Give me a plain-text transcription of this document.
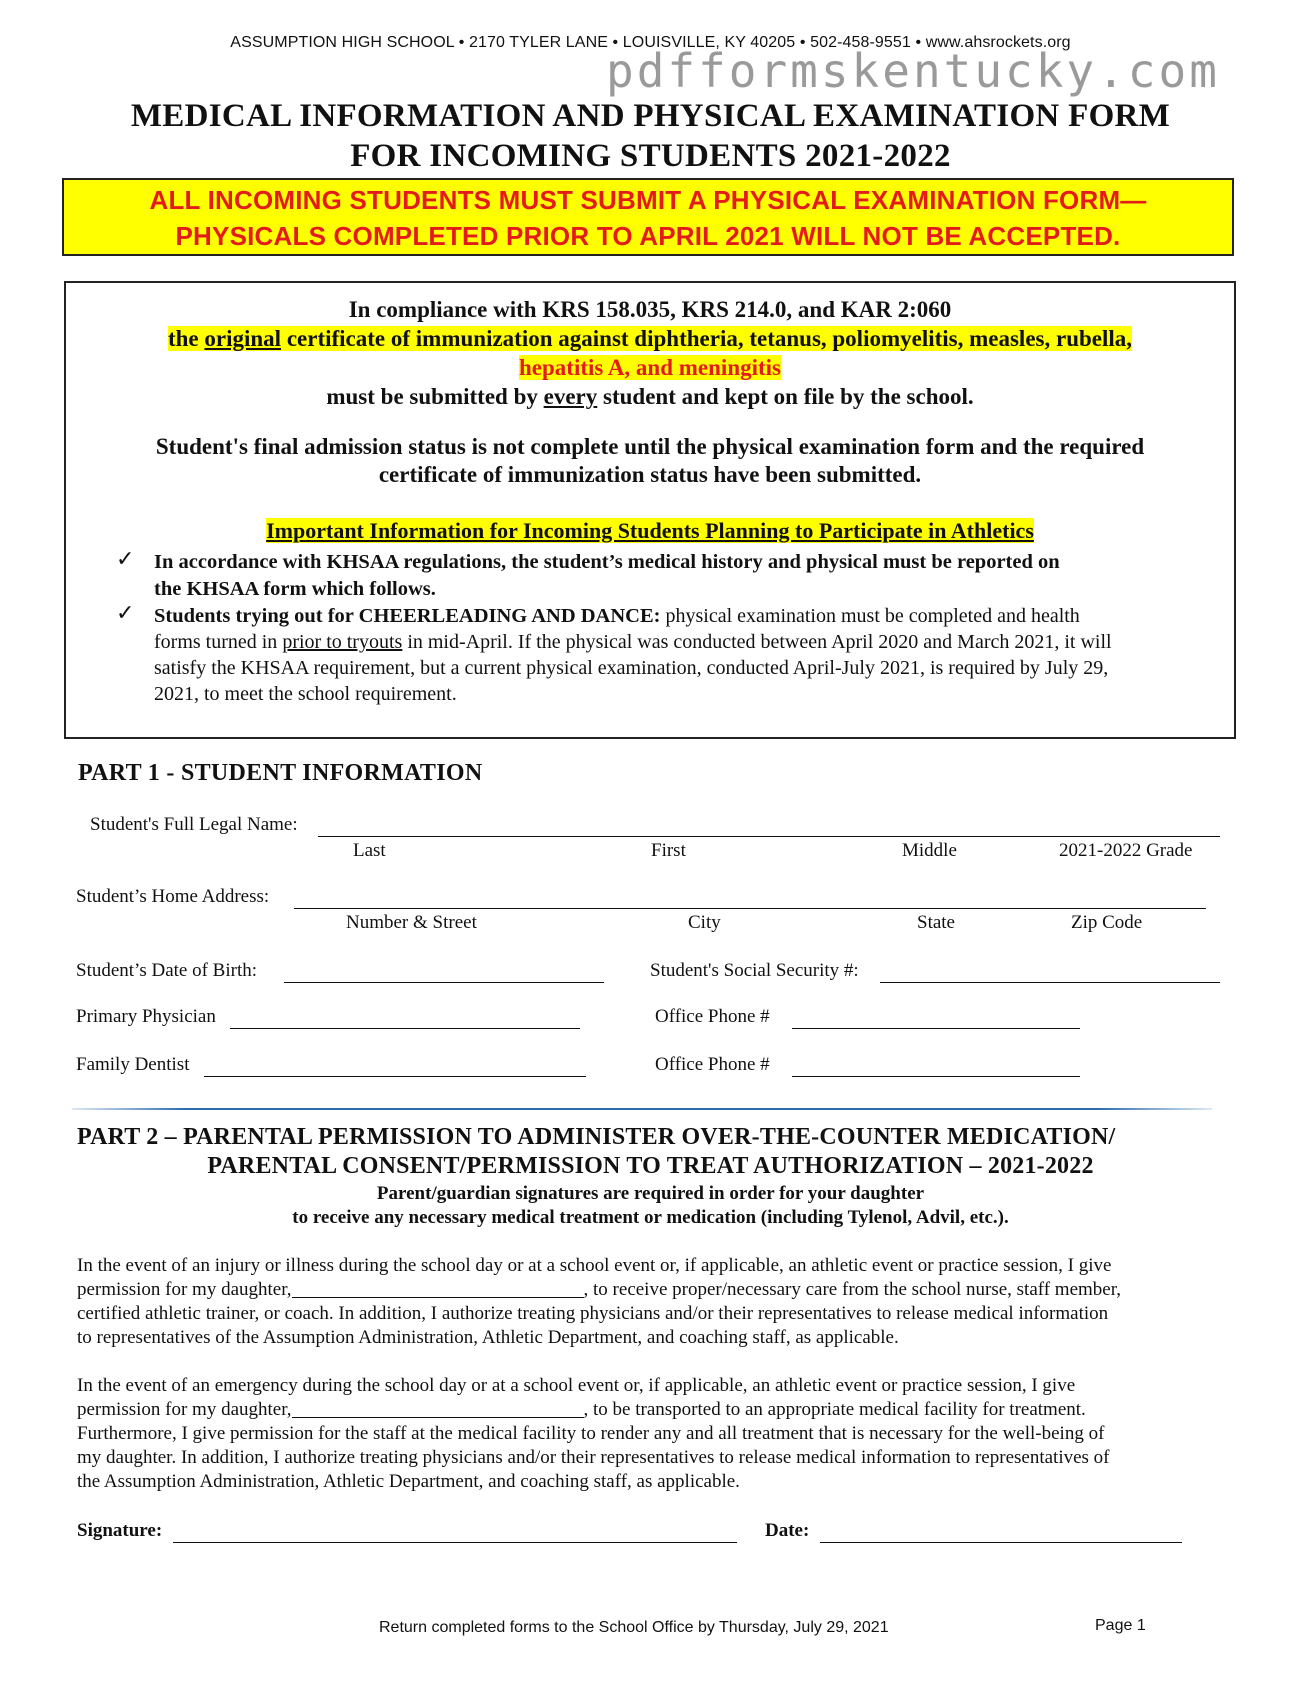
ASSUMPTION HIGH SCHOOL • 2170 TYLER LANE • LOUISVILLE, KY 40205 • 502-458-9551 • www.ahsrockets.org
pdfformskentucky.com
MEDICAL INFORMATION AND PHYSICAL EXAMINATION FORM
FOR INCOMING STUDENTS 2021-2022
ALL INCOMING STUDENTS MUST SUBMIT A PHYSICAL EXAMINATION FORM—
PHYSICALS COMPLETED PRIOR TO APRIL 2021 WILL NOT BE ACCEPTED.
In compliance with KRS 158.035, KRS 214.0, and KAR 2:060
the original certificate of immunization against diphtheria, tetanus, poliomyelitis, measles, rubella,
hepatitis A, and meningitis
must be submitted by every student and kept on file by the school.
Student's final admission status is not complete until the physical examination form and the required
certificate of immunization status have been submitted.
Important Information for Incoming Students Planning to Participate in Athletics
✓ In accordance with KHSAA regulations, the student’s medical history and physical must be reported on
the KHSAA form which follows.
✓ Students trying out for CHEERLEADING AND DANCE: physical examination must be completed and health
forms turned in prior to tryouts in mid-April. If the physical was conducted between April 2020 and March 2021, it will
satisfy the KHSAA requirement, but a current physical examination, conducted April-July 2021, is required by July 29,
2021, to meet the school requirement.
PART 1 - STUDENT INFORMATION
Student's Full Legal Name:
Last	First	Middle	2021-2022 Grade
Student’s Home Address:
Number & Street	City	State	Zip Code
Student’s Date of Birth:	Student's Social Security #:
Primary Physician	Office Phone #
Family Dentist	Office Phone #
PART 2 – PARENTAL PERMISSION TO ADMINISTER OVER-THE-COUNTER MEDICATION/
PARENTAL CONSENT/PERMISSION TO TREAT AUTHORIZATION – 2021-2022
Parent/guardian signatures are required in order for your daughter
to receive any necessary medical treatment or medication (including Tylenol, Advil, etc.).
In the event of an injury or illness during the school day or at a school event or, if applicable, an athletic event or practice session, I give
permission for my daughter,	, to receive proper/necessary care from the school nurse, staff member,
certified athletic trainer, or coach. In addition, I authorize treating physicians and/or their representatives to release medical information
to representatives of the Assumption Administration, Athletic Department, and coaching staff, as applicable.
In the event of an emergency during the school day or at a school event or, if applicable, an athletic event or practice session, I give
permission for my daughter,	, to be transported to an appropriate medical facility for treatment.
Furthermore, I give permission for the staff at the medical facility to render any and all treatment that is necessary for the well-being of
my daughter. In addition, I authorize treating physicians and/or their representatives to release medical information to representatives of
the Assumption Administration, Athletic Department, and coaching staff, as applicable.
Signature:	Date:
Return completed forms to the School Office by Thursday, July 29, 2021	Page 1
